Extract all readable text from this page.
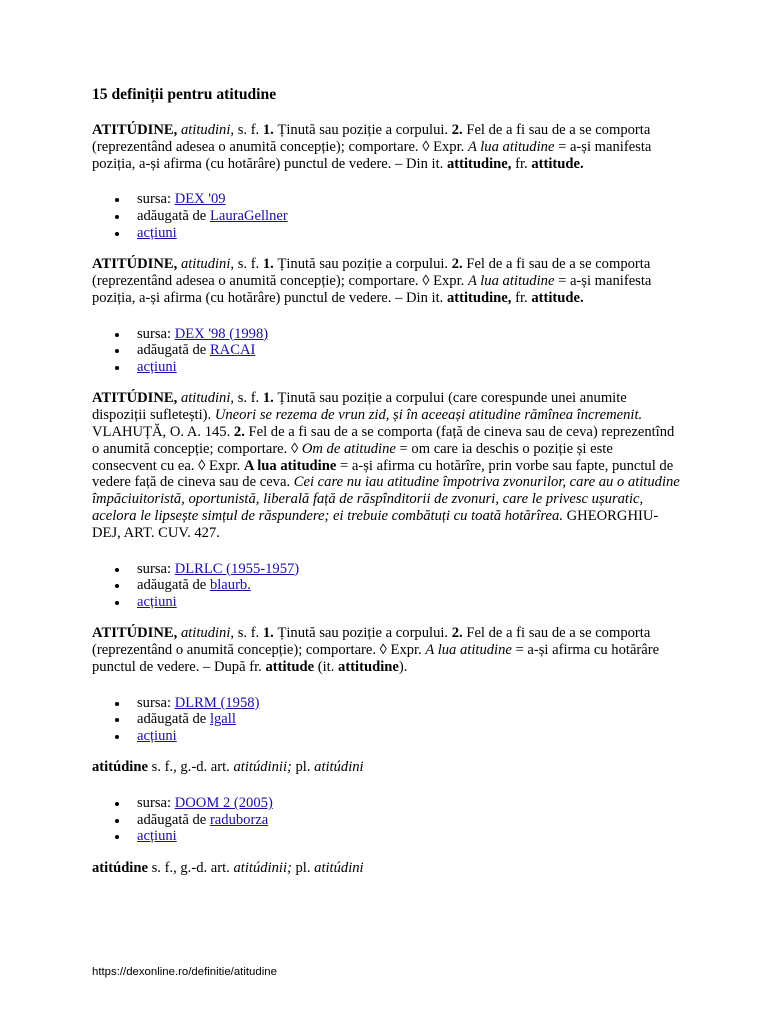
15 definiții pentru atitudine

ATITÚDINE, atitudini, s. f. 1. Ținută sau poziție a corpului. 2. Fel de a fi sau de a se comporta (reprezentând adesea o anumită concepție); comportare. ◊ Expr. A lua atitudine = a-și manifesta poziția, a-și afirma (cu hotărâre) punctul de vedere. – Din it. attitudine, fr. attitude.

sursa: DEX '09
adăugată de LauraGellner
acțiuni

ATITÚDINE, atitudini, s. f. 1. Ținută sau poziție a corpului. 2. Fel de a fi sau de a se comporta (reprezentând adesea o anumită concepție); comportare. ◊ Expr. A lua atitudine = a-și manifesta poziția, a-și afirma (cu hotărâre) punctul de vedere. – Din it. attitudine, fr. attitude.

sursa: DEX '98 (1998)
adăugată de RACAI
acțiuni

ATITÚDINE, atitudini, s. f. 1. Ținută sau poziție a corpului (care corespunde unei anumite dispoziții sufletești). Uneori se rezema de vrun zid, și în aceeași atitudine rămînea încremenit. VLAHUȚĂ, O. A. 145. 2. Fel de a fi sau de a se comporta (față de cineva sau de ceva) reprezentînd o anumită concepție; comportare. ◊ Om de atitudine = om care ia deschis o poziție și este consecvent cu ea. ◊ Expr. A lua atitudine = a-și afirma cu hotărîre, prin vorbe sau fapte, punctul de vedere față de cineva sau de ceva. Cei care nu iau atitudine împotriva zvonurilor, care au o atitudine împăciuitoristă, oportunistă, liberală față de răspînditorii de zvonuri, care le privesc ușuratic, acelora le lipsește simțul de răspundere; ei trebuie combătuți cu toată hotărîrea. GHEORGHIU-DEJ, ART. CUV. 427.

sursa: DLRLC (1955-1957)
adăugată de blaurb.
acțiuni

ATITÚDINE, atitudini, s. f. 1. Ținută sau poziție a corpului. 2. Fel de a fi sau de a se comporta (reprezentând o anumită concepție); comportare. ◊ Expr. A lua atitudine = a-și afirma cu hotărâre punctul de vedere. – După fr. attitude (it. attitudine).

sursa: DLRM (1958)
adăugată de lgall
acțiuni

atitúdine s. f., g.-d. art. atitúdinii; pl. atitúdini

sursa: DOOM 2 (2005)
adăugată de raduborza
acțiuni

atitúdine s. f., g.-d. art. atitúdinii; pl. atitúdini

https://dexonline.ro/definitie/atitudine
